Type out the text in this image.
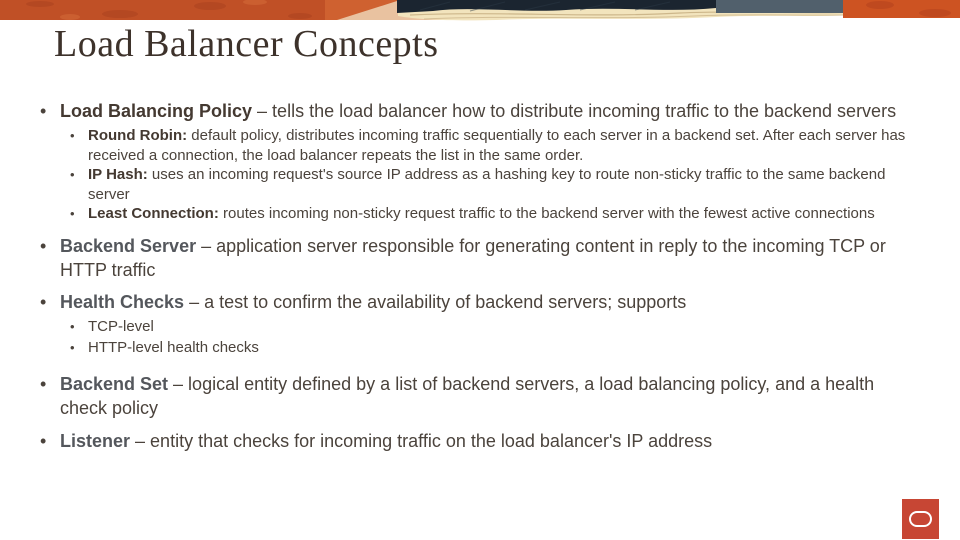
Load Balancer Concepts
• Load Balancing Policy – tells the load balancer how to distribute incoming traffic to the backend servers
• Round Robin: default policy, distributes incoming traffic sequentially to each server in a backend set. After each server has received a connection, the load balancer repeats the list in the same order.
• IP Hash: uses an incoming request's source IP address as a hashing key to route non-sticky traffic to the same backend server
• Least Connection: routes incoming non-sticky request traffic to the backend server with the fewest active connections
• Backend Server – application server responsible for generating content in reply to the incoming TCP or HTTP traffic
• Health Checks – a test to confirm the availability of backend servers; supports
• TCP-level
• HTTP-level health checks
• Backend Set – logical entity defined by a list of backend servers, a load balancing policy, and a health check policy
• Listener – entity that checks for incoming traffic on the load balancer's IP address
